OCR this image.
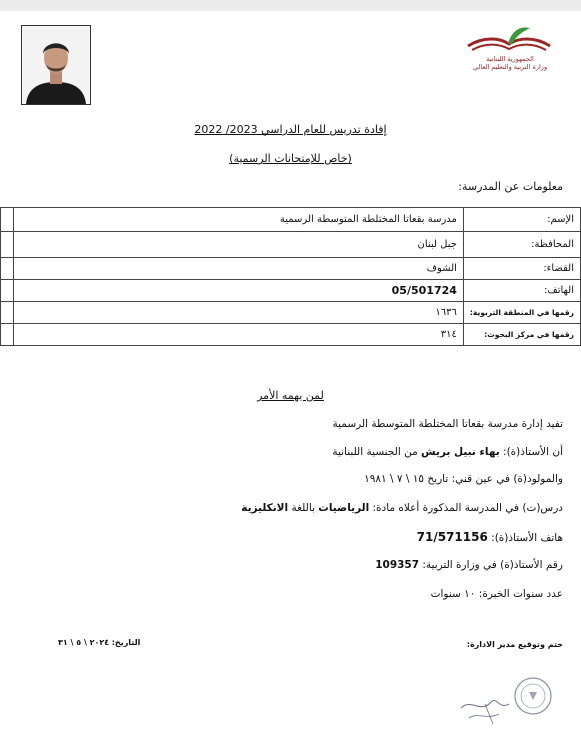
الجمهورية اللبنانية
وزارة التربية والتعليم العالي
إفادة تدريس للعام الدراسي 2023/ 2022
(خاص للإمتحانات الرسمية)
معلومات عن المدرسة:
الإسم:	مدرسة بقعاتا المختلطة المتوسطة الرسمية	
المحافظة:	جبل لبنان	
القضاء:	الشوف	
الهاتف:	05/501724	
رقمها في المنطقة التربوية:	١٦٣٦	
رقمها في مركز البحوث:	٣١٤	
لمن يهمه الأمر
تفيد إدارة مدرسة بقعاتا المختلطة المتوسطة الرسمية
أن الأستاذ(ة): بهاء نبيل بريش من الجنسية اللبنانية
والمولود(ة) في عين قني: تاريخ ١٥ \ ٧ \ ١٩٨١
درس(ت) في المدرسة المذكورة أعلاه مادة: الرياضيات باللغة الانكليزية
هاتف الأستاذ(ة): 71/571156
رقم الأستاذ(ة) في وزارة التربية: 109357
عدد سنوات الخبرة: ١٠ سنوات
ختم وتوقيع مدير الادارة:
التاريخ: ٢٠٢٤ \ ٥ \ ٣١
